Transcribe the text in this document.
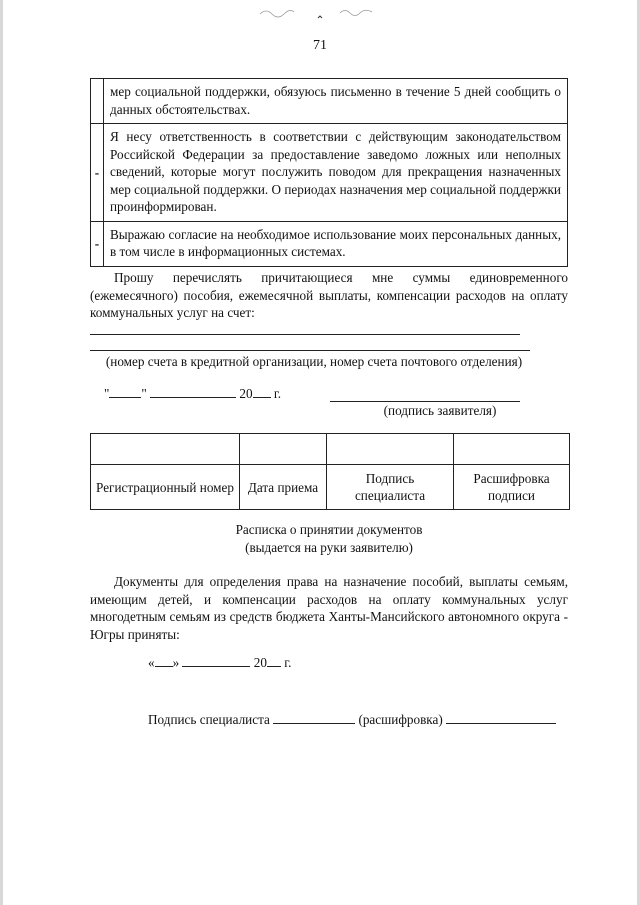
71
	мер социальной поддержки, обязуюсь письменно в течение 5 дней сообщить о данных обстоятельствах.
-	Я несу ответственность в соответствии с действующим законодательством Российской Федерации за предоставление заведомо ложных или неполных сведений, которые могут послужить поводом для прекращения назначенных мер социальной поддержки. О периодах назначения мер социальной поддержки проинформирован.
-	Выражаю согласие на необходимое использование моих персональных данных, в том числе в информационных системах.
Прошу перечислять причитающиеся мне суммы единовременного (ежемесячного) пособия, ежемесячной выплаты, компенсации расходов на оплату коммунальных услуг на счет:
(номер счета в кредитной организации, номер счета почтового отделения)
" "	20 г.
(подпись заявителя)

Регистрационный номер	Дата приема	Подпись специалиста	Расшифровка подписи
Расписка о принятии документов
(выдается на руки заявителю)
Документы для определения права на назначение пособий, выплаты семьям, имеющим детей, и компенсации расходов на оплату коммунальных услуг многодетным семьям из средств бюджета Ханты-Мансийского автономного округа - Югры приняты:
« »	20 г.
Подпись специалиста	(расшифровка)
